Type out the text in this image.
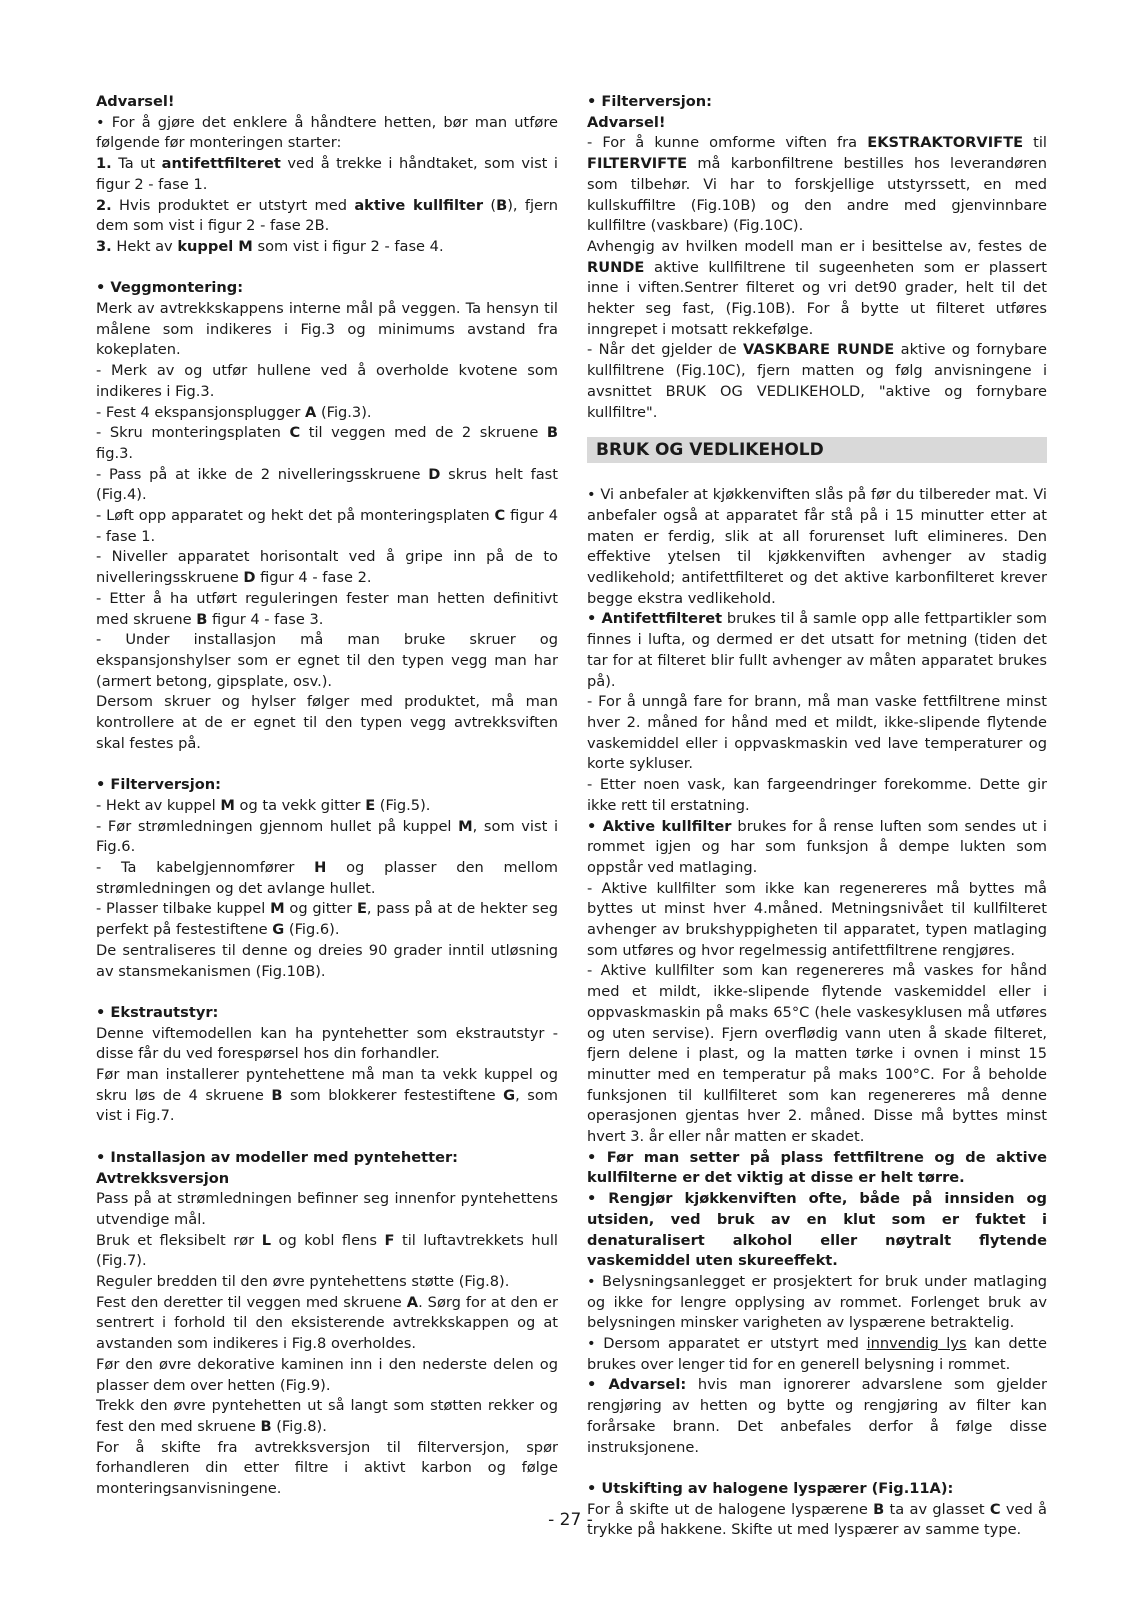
Advarsel!

• For å gjøre det enklere å håndtere hetten, bør man utføre følgende før monteringen starter:

1. Ta ut antifettfilteret ved å trekke i håndtaket, som vist i figur 2 - fase 1.

2. Hvis produktet er utstyrt med aktive kullfilter (B), fjern dem som vist i figur 2 - fase 2B.

3. Hekt av kuppel M som vist i figur 2 - fase 4.

• Veggmontering:

Merk av avtrekkskappens interne mål på veggen. Ta hensyn til målene som indikeres i Fig.3 og minimums avstand fra kokeplaten.

- Merk av og utfør hullene ved å overholde kvotene som indikeres i Fig.3.

- Fest 4 ekspansjonsplugger A (Fig.3).

- Skru monteringsplaten C til veggen med de 2 skruene B fig.3.

- Pass på at ikke de 2 nivelleringsskruene D skrus helt fast (Fig.4).

- Løft opp apparatet og hekt det på monteringsplaten C figur 4 - fase 1.

- Niveller apparatet horisontalt ved å gripe inn på de to nivelleringsskruene D figur 4 - fase 2.

- Etter å ha utført reguleringen fester man hetten definitivt med skruene B figur 4 - fase 3.

- Under installasjon må man bruke skruer og ekspansjonshylser som er egnet til den typen vegg man har (armert betong, gipsplate, osv.).

Dersom skruer og hylser følger med produktet, må man kontrollere at de er egnet til den typen vegg avtrekksviften skal festes på.

• Filterversjon:

- Hekt av kuppel M og ta vekk gitter E (Fig.5).

- Før strømledningen gjennom hullet på kuppel M, som vist i Fig.6.

- Ta kabelgjennomfører H og plasser den mellom strømledningen og det avlange hullet.

- Plasser tilbake kuppel M og gitter E, pass på at de hekter seg perfekt på festestiftene G (Fig.6).

De sentraliseres til denne og dreies 90 grader inntil utløsning av stansmekanismen (Fig.10B).

• Ekstrautstyr:

Denne viftemodellen kan ha pyntehetter som ekstrautstyr - disse får du ved forespørsel hos din forhandler.

Før man installerer pyntehettene må man ta vekk kuppel og skru løs de 4 skruene B som blokkerer festestiftene G, som vist i Fig.7.

• Installasjon av modeller med pyntehetter:

Avtrekksversjon

Pass på at strømledningen befinner seg innenfor pyntehettens utvendige mål.

Bruk et fleksibelt rør L og kobl flens F til luftavtrekkets hull (Fig.7).

Reguler bredden til den øvre pyntehettens støtte (Fig.8).

Fest den deretter til veggen med skruene A. Sørg for at den er sentrert i forhold til den eksisterende avtrekkskappen og at avstanden som indikeres i Fig.8 overholdes.

Før den øvre dekorative kaminen inn i den nederste delen og plasser dem over hetten (Fig.9).

Trekk den øvre pyntehetten ut så langt som støtten rekker og fest den med skruene B (Fig.8).

For å skifte fra avtrekksversjon til filterversjon, spør forhandleren din etter filtre i aktivt karbon og følge monteringsanvisningene.

• Filterversjon:

Advarsel!

- For å kunne omforme viften fra EKSTRAKTORVIFTE til FILTERVIFTE må karbonfiltrene bestilles hos leverandøren som tilbehør. Vi har to forskjellige utstyrssett, en med kullskuffiltre (Fig.10B) og den andre med gjenvinnbare kullfiltre (vaskbare) (Fig.10C).

Avhengig av hvilken modell man er i besittelse av, festes de RUNDE aktive kullfiltrene til sugeenheten som er plassert inne i viften.Sentrer filteret og vri det90 grader, helt til det hekter seg fast, (Fig.10B). For å bytte ut filteret utføres inngrepet i motsatt rekkefølge.

- Når det gjelder de VASKBARE RUNDE aktive og fornybare kullfiltrene (Fig.10C), fjern matten og følg anvisningene i avsnittet BRUK OG VEDLIKEHOLD, "aktive og fornybare kullfiltre".

BRUK OG VEDLIKEHOLD

• Vi anbefaler at kjøkkenviften slås på før du tilbereder mat. Vi anbefaler også at apparatet får stå på i 15 minutter etter at maten er ferdig, slik at all forurenset luft elimineres. Den effektive ytelsen til kjøkkenviften avhenger av stadig vedlikehold; antifettfilteret og det aktive karbonfilteret krever begge ekstra vedlikehold.

• Antifettfilteret brukes til å samle opp alle fettpartikler som finnes i lufta, og dermed er det utsatt for metning (tiden det tar for at filteret blir fullt avhenger av måten apparatet brukes på).

- For å unngå fare for brann, må man vaske fettfiltrene minst hver 2. måned for hånd med et mildt, ikke-slipende flytende vaskemiddel eller i oppvaskmaskin ved lave temperaturer og korte sykluser.

- Etter noen vask, kan fargeendringer forekomme. Dette gir ikke rett til erstatning.

• Aktive kullfilter brukes for å rense luften som sendes ut i rommet igjen og har som funksjon å dempe lukten som oppstår ved matlaging.

- Aktive kullfilter som ikke kan regenereres må byttes må byttes ut minst hver 4.måned. Metningsnivået til kullfilteret avhenger av brukshyppigheten til apparatet, typen matlaging som utføres og hvor regelmessig antifettfiltrene rengjøres.

- Aktive kullfilter som kan regenereres må vaskes for hånd med et mildt, ikke-slipende flytende vaskemiddel eller i oppvaskmaskin på maks 65°C (hele vaskesyklusen må utføres og uten servise). Fjern overflødig vann uten å skade filteret, fjern delene i plast, og la matten tørke i ovnen i minst 15 minutter med en temperatur på maks 100°C. For å beholde funksjonen til kullfilteret som kan regenereres må denne operasjonen gjentas hver 2. måned. Disse må byttes minst hvert 3. år eller når matten er skadet.

• Før man setter på plass fettfiltrene og de aktive kullfilterne er det viktig at disse er helt tørre.

• Rengjør kjøkkenviften ofte, både på innsiden og utsiden, ved bruk av en klut som er fuktet i denaturalisert alkohol eller nøytralt flytende vaskemiddel uten skureeffekt.

• Belysningsanlegget er prosjektert for bruk under matlaging og ikke for lengre opplysing av rommet. Forlenget bruk av belysningen minsker varigheten av lyspærene betraktelig.

• Dersom apparatet er utstyrt med innvendig lys kan dette brukes over lenger tid for en generell belysning i rommet.

• Advarsel: hvis man ignorerer advarslene som gjelder rengjøring av hetten og bytte og rengjøring av filter kan forårsake brann. Det anbefales derfor å følge disse instruksjonene.

• Utskifting av halogene lyspærer (Fig.11A):

For å skifte ut de halogene lyspærene B ta av glasset C ved å trykke på hakkene. Skifte ut med lyspærer av samme type.

- 27 -
